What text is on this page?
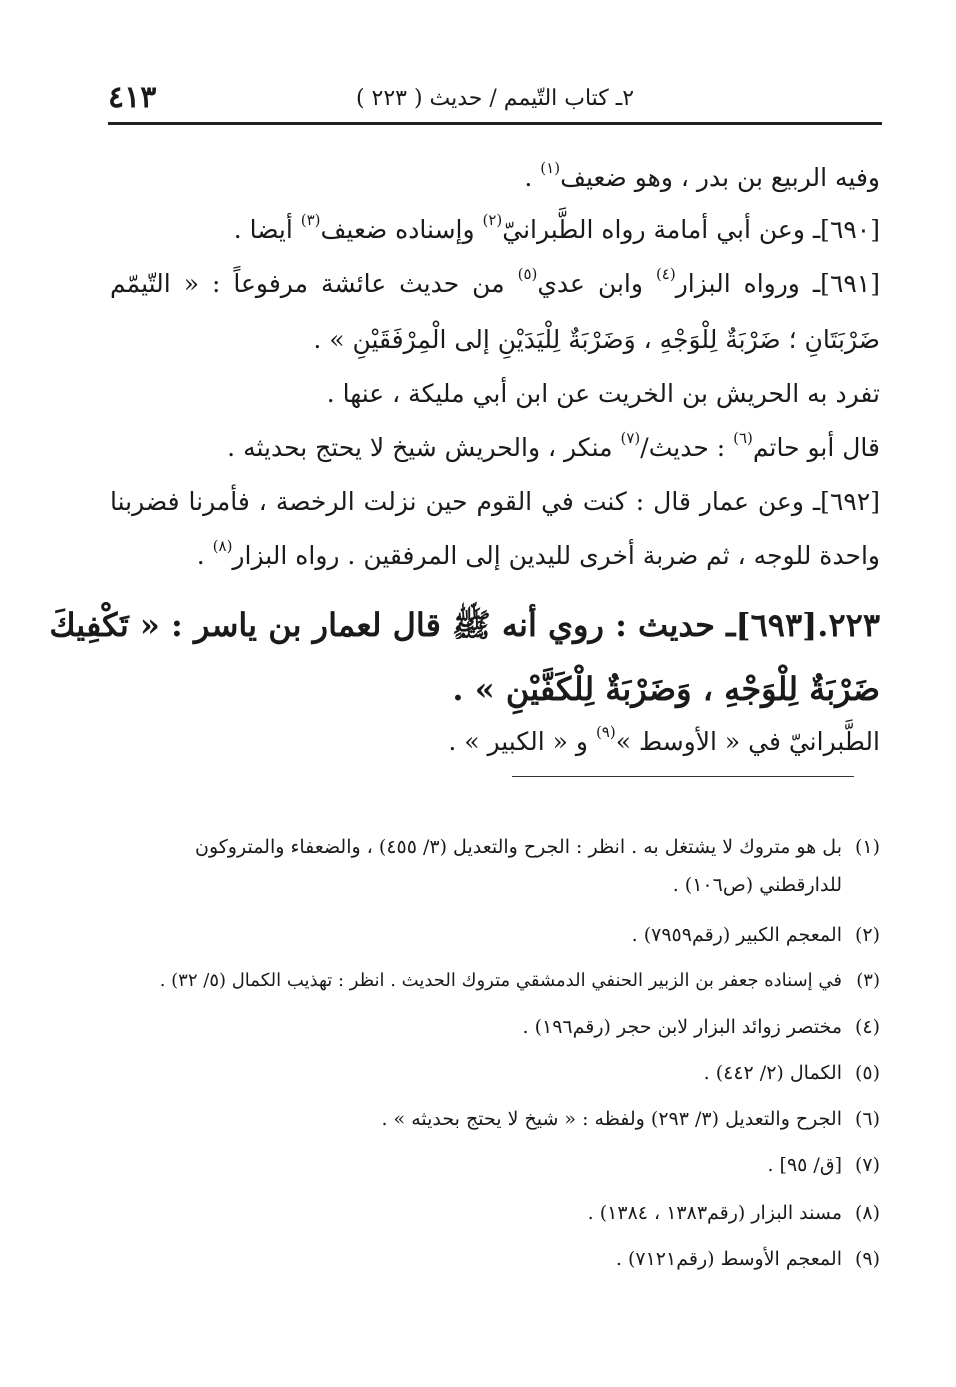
٤١٣	٢ـ كتاب التّيمم / حديث ( ٢٢٣ )
وفيه الربيع بن بدر ، وهو ضعيف$^{(١)}$ .
[٦٩٠]ـ وعن أبي أمامة رواه الطَّبرانيّ$^{(٢)}$ وإسناده ضعيف$^{(٣)}$ أيضا .
[٦٩١]ـ ورواه البزار$^{(٤)}$ وابن عدي$^{(٥)}$ من حديث عائشة مرفوعاً : « التّيمّم
ضَرْبَتَانِ ؛ ضَرْبَةٌ لِلْوَجْهِ ، وَضَرْبَةٌ لِلْيَدَيْنِ إلى الْمِرْفَقَيْنِ » .
تفرد به الحريش بن الخريت عن ابن أبي مليكة ، عنها .
قال أبو حاتم$^{(٦)}$ : حديث/$^{(٧)}$ منكر ، والحريش شيخ لا يحتج بحديثه .
[٦٩٢]ـ وعن عمار قال : كنت في القوم حين نزلت الرخصة ، فأمرنا فضربنا
واحدة للوجه ، ثم ضربة أخرى لليدين إلى المرفقين . رواه البزار$^{(٨)}$ .
٢٢٣.[٦٩٣]ـ حديث : روي أنه ﷺ قال لعمار بن ياسر : « تَكْفِيكَ
ضَرْبَةٌ لِلْوَجْهِ ، وَضَرْبَةٌ لِلْكَفَّيْنِ » .
الطَّبرانيّ في « الأوسط »$^{(٩)}$ و « الكبير » .
(١)بل هو متروك لا يشتغل به . انظر : الجرح والتعديل (٣/ ٤٥٥) ، والضعفاء والمتروكون
للدارقطني (ص١٠٦) .
(٢)المعجم الكبير (رقم٧٩٥٩) .
(٣)في إسناده جعفر بن الزبير الحنفي الدمشقي متروك الحديث . انظر : تهذيب الكمال (٥/ ٣٢) .
(٤)مختصر زوائد البزار لابن حجر (رقم١٩٦) .
(٥)الكمال (٢/ ٤٤٢) .
(٦)الجرح والتعديل (٣/ ٢٩٣) ولفظه : « شيخ لا يحتج بحديثه » .
(٧)[ق/ ٩٥] .
(٨)مسند البزار (رقم١٣٨٣ ، ١٣٨٤) .
(٩)المعجم الأوسط (رقم٧١٢١) .
